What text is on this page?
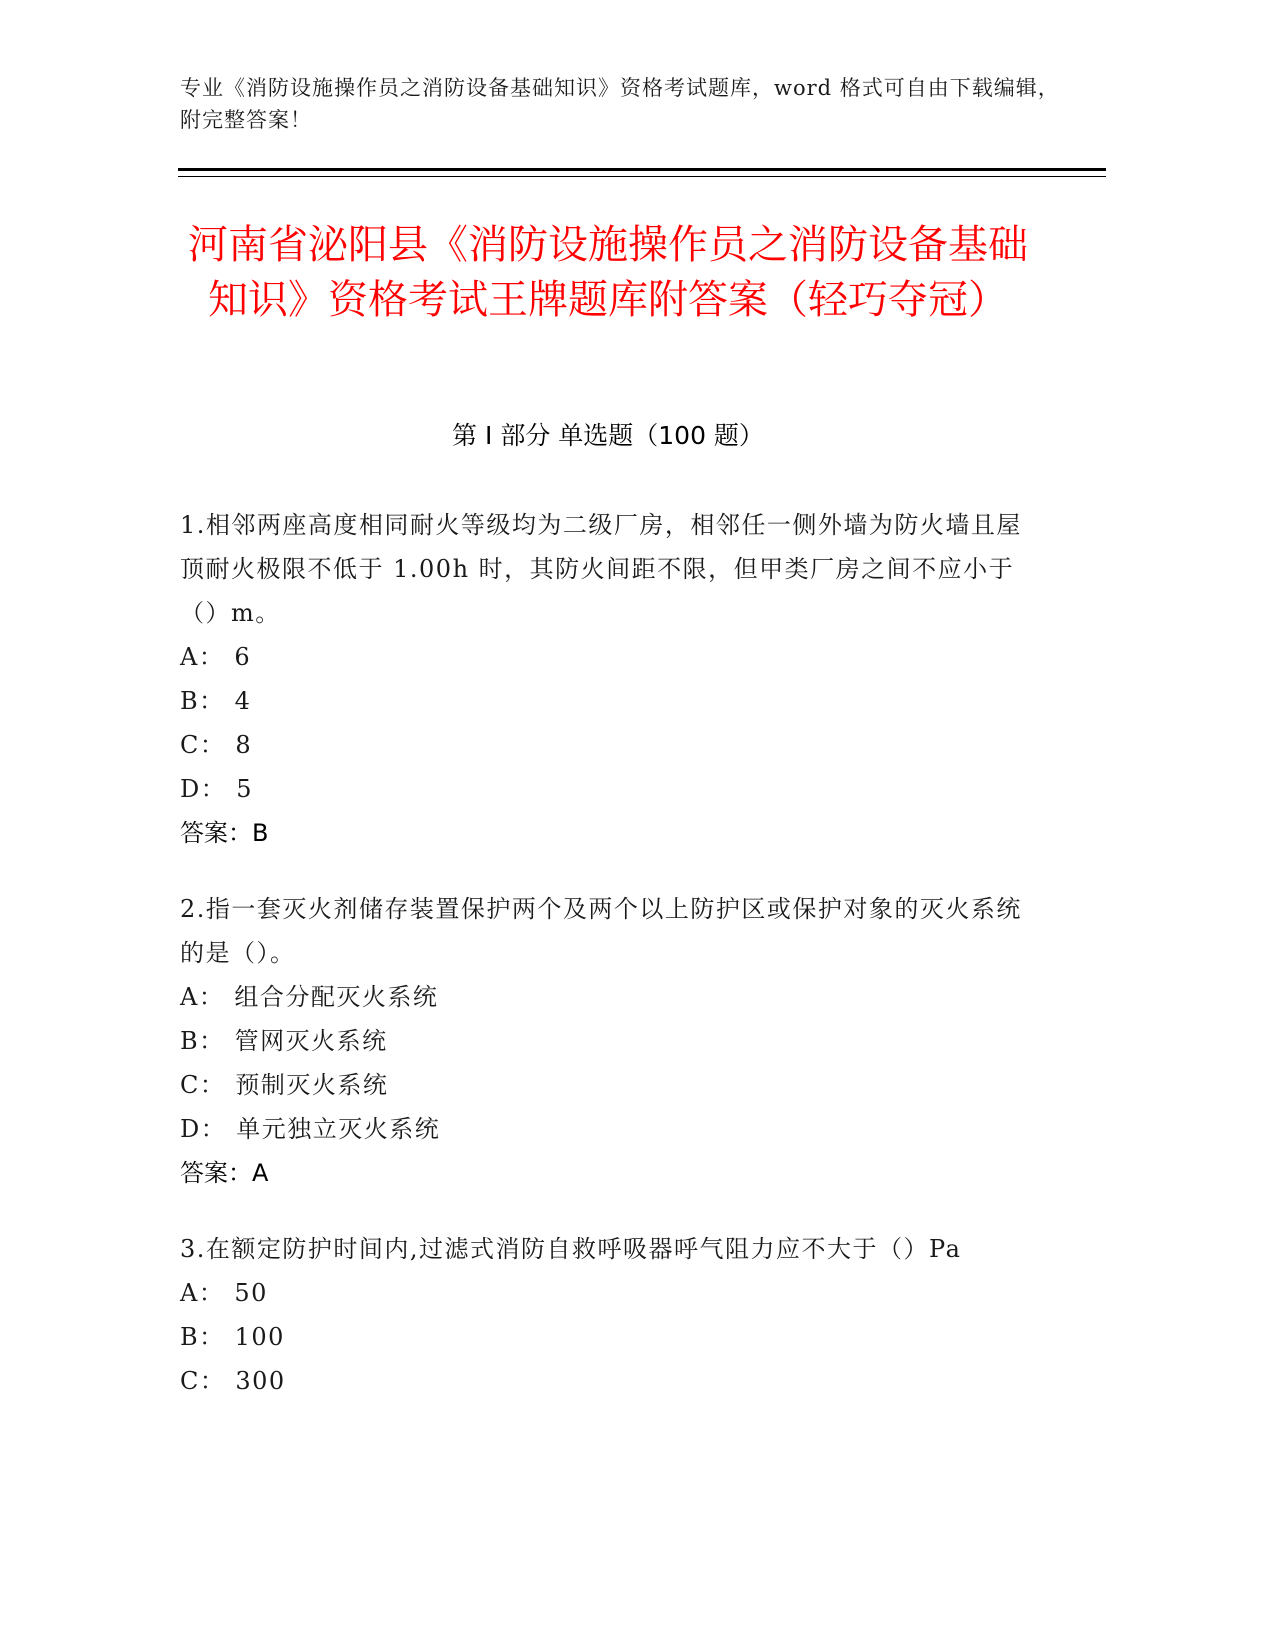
专业《消防设施操作员之消防设备基础知识》资格考试题库，word 格式可自由下载编辑，附完整答案！
河南省泌阳县《消防设施操作员之消防设备基础知识》资格考试王牌题库附答案（轻巧夺冠）
第 I 部分 单选题（100 题）
1.相邻两座高度相同耐火等级均为二级厂房，相邻任一侧外墙为防火墙且屋顶耐火极限不低于 1.00h 时，其防火间距不限，但甲类厂房之间不应小于（）m。
A： 6
B： 4
C： 8
D： 5
答案：B
2.指一套灭火剂储存装置保护两个及两个以上防护区或保护对象的灭火系统的是（）。
A： 组合分配灭火系统
B： 管网灭火系统
C： 预制灭火系统
D： 单元独立灭火系统
答案：A
3.在额定防护时间内,过滤式消防自救呼吸器呼气阻力应不大于（）Pa
A： 50
B： 100
C： 300
